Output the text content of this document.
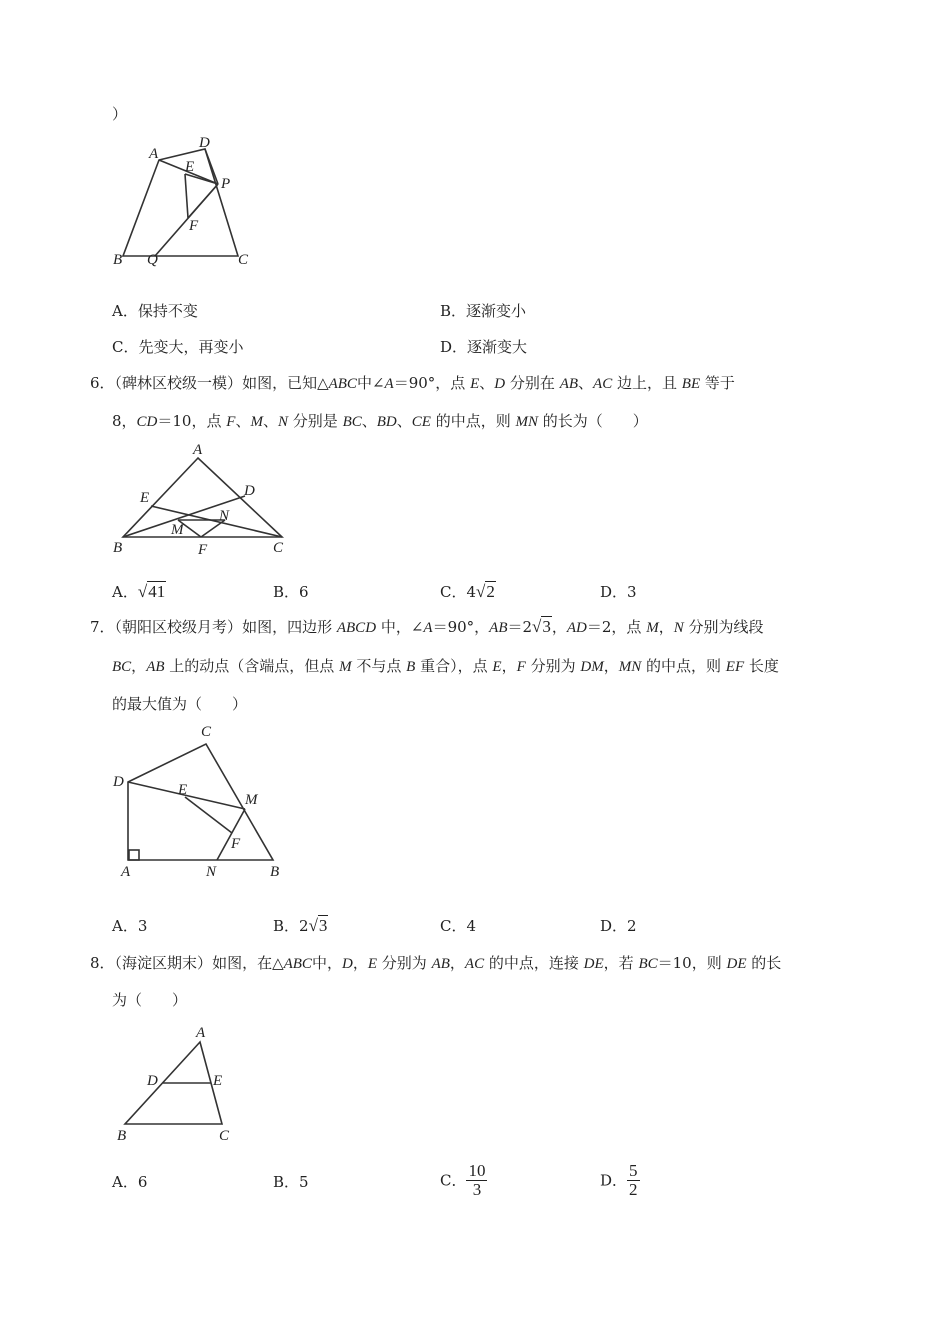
）
A
D
E
P
F
B Q	C
A．保持不变	B．逐渐变小
C．先变大，再变小	D．逐渐变大
6．（碑林区校级一模）如图，已知△ABC中∠A＝90°，点 E、D 分别在 AB、AC 边上，且 BE 等于
8，CD＝10，点 F、M、N 分别是 BC、BD、CE 的中点，则 MN 的长为（　　）
A
D
E
N
M
B	F	C
A．√41	B．6	C．4√2	D．3
7．（朝阳区校级月考）如图，四边形 ABCD 中，∠A＝90°，AB＝2√3，AD＝2，点 M，N 分别为线段
BC，AB 上的动点（含端点，但点 M 不与点 B 重合），点 E，F 分别为 DM，MN 的中点，则 EF 长度
的最大值为（　　）
C
D	E
M
F
A	N	B
A．3	B．2√3	C．4	D．2
8．（海淀区期末）如图，在△ABC中，D，E 分别为 AB，AC 的中点，连接 DE，若 BC＝10，则 DE 的长
为（　　）
A
D	E
B	C
A．6	B．5	C． $\frac{10}{3}$	D． $\frac{5}{2}$
